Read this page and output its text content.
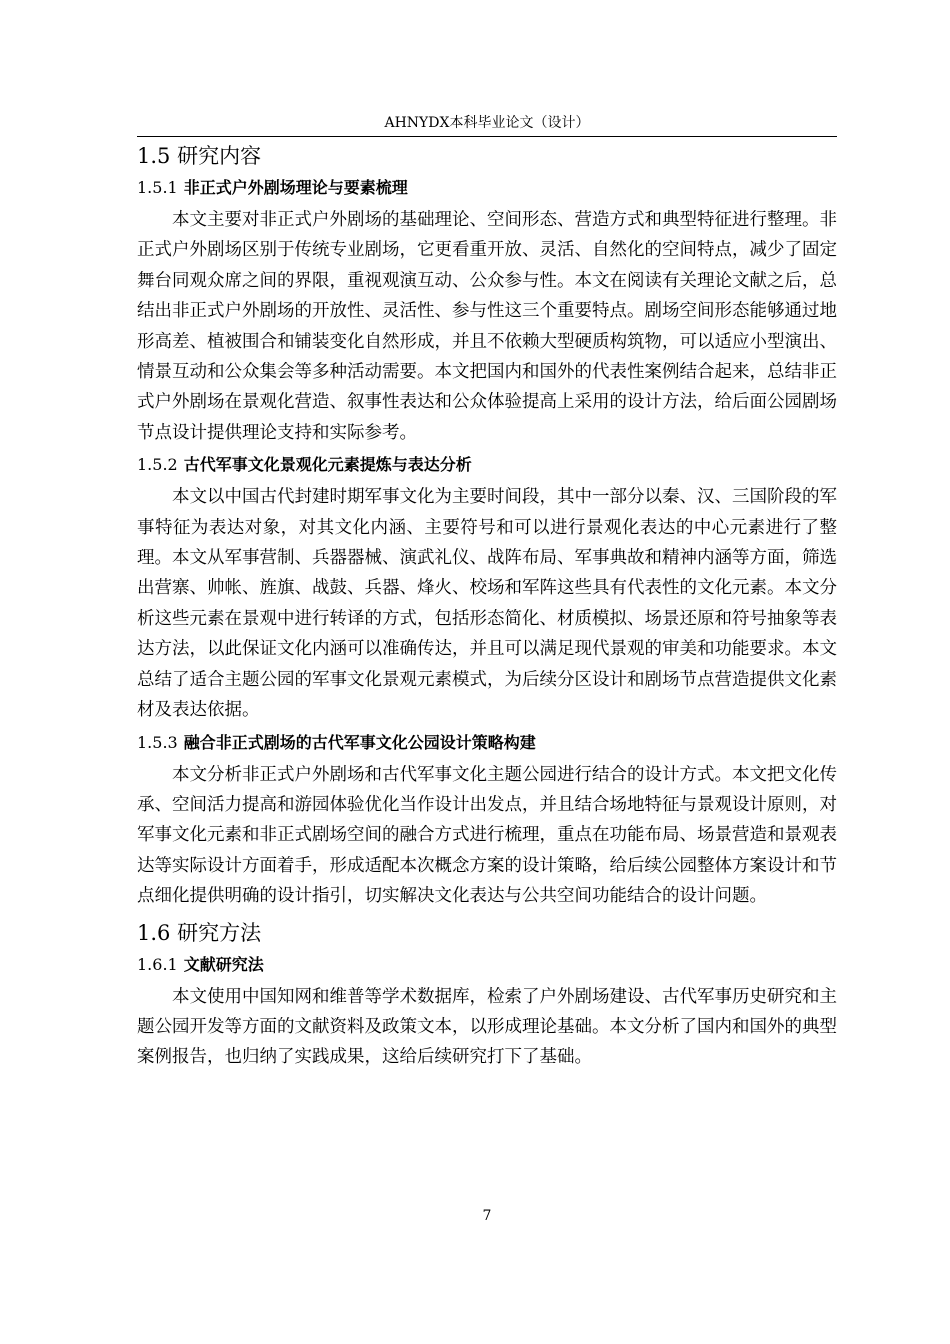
AHNYDX本科毕业论文（设计）
1.5 研究内容
1.5.1 非正式户外剧场理论与要素梳理

本文主要对非正式户外剧场的基础理论、空间形态、营造方式和典型特征进行整理。非正式户外剧场区别于传统专业剧场，它更看重开放、灵活、自然化的空间特点，减少了固定舞台同观众席之间的界限，重视观演互动、公众参与性。本文在阅读有关理论文献之后，总结出非正式户外剧场的开放性、灵活性、参与性这三个重要特点。剧场空间形态能够通过地形高差、植被围合和铺装变化自然形成，并且不依赖大型硬质构筑物，可以适应小型演出、情景互动和公众集会等多种活动需要。本文把国内和国外的代表性案例结合起来，总结非正式户外剧场在景观化营造、叙事性表达和公众体验提高上采用的设计方法，给后面公园剧场节点设计提供理论支持和实际参考。

1.5.2 古代军事文化景观化元素提炼与表达分析

本文以中国古代封建时期军事文化为主要时间段，其中一部分以秦、汉、三国阶段的军事特征为表达对象，对其文化内涵、主要符号和可以进行景观化表达的中心元素进行了整理。本文从军事营制、兵器器械、演武礼仪、战阵布局、军事典故和精神内涵等方面，筛选出营寨、帅帐、旌旗、战鼓、兵器、烽火、校场和军阵这些具有代表性的文化元素。本文分析这些元素在景观中进行转译的方式，包括形态简化、材质模拟、场景还原和符号抽象等表达方法，以此保证文化内涵可以准确传达，并且可以满足现代景观的审美和功能要求。本文总结了适合主题公园的军事文化景观元素模式，为后续分区设计和剧场节点营造提供文化素材及表达依据。

1.5.3 融合非正式剧场的古代军事文化公园设计策略构建

本文分析非正式户外剧场和古代军事文化主题公园进行结合的设计方式。本文把文化传承、空间活力提高和游园体验优化当作设计出发点，并且结合场地特征与景观设计原则，对军事文化元素和非正式剧场空间的融合方式进行梳理，重点在功能布局、场景营造和景观表达等实际设计方面着手，形成适配本次概念方案的设计策略，给后续公园整体方案设计和节点细化提供明确的设计指引，切实解决文化表达与公共空间功能结合的设计问题。

1.6 研究方法
1.6.1 文献研究法

本文使用中国知网和维普等学术数据库，检索了户外剧场建设、古代军事历史研究和主题公园开发等方面的文献资料及政策文本，以形成理论基础。本文分析了国内和国外的典型案例报告，也归纳了实践成果，这给后续研究打下了基础。

7
